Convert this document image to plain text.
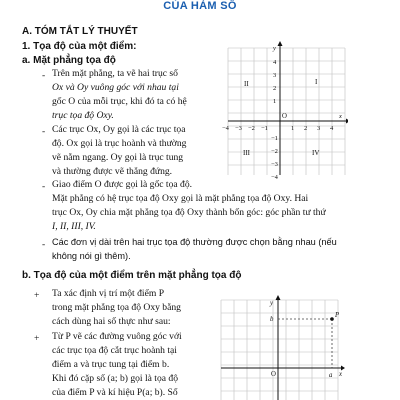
CỦA HÀM SỐ
A. TÓM TẮT LÝ THUYẾT
1. Tọa độ của một điểm:
a. Mặt phẳng tọa độ
- Trên mặt phẳng, ta vẽ hai trục số
Ox và Oy vuông góc với nhau tại
gốc O của mỗi trục, khi đó ta có hệ
trục tọa độ Oxy.
- Các trục Ox, Oy gọi là các trục tọa
độ. Ox gọi là trục hoành và thường
vẽ nằm ngang. Oy gọi là trục tung
và thường được vẽ thẳng đứng.
- Giao điểm O được gọi là gốc tọa độ.
Mặt phẳng có hệ trục tọa độ Oxy gọi là mặt phẳng tọa độ Oxy. Hai
trục Ox, Oy chia mặt phẳng tọa độ Oxy thành bốn góc: góc phần tư thứ
I, II, III, IV.
- Các đơn vị dài trên hai trục tọa độ thường được chọn bằng nhau (nếu
không nói gì thêm).
b. Tọa độ của một điểm trên mặt phẳng tọa độ
+ Ta xác định vị trí một điểm P
trong mặt phẳng tọa độ Oxy bằng
cách dùng hai số thực như sau:
+ Từ P vẽ các đường vuông góc với
các trục tọa độ cắt trục hoành tại
điểm a và trục tung tại điểm b.
Khi đó cặp số (a; b) gọi là tọa độ
của điểm P và kí hiệu P(a; b). Số
−4 −3 −2 −1
O
1 2 3 4
x
y
4
3
2
1
−1
−2
−3
−4
I
II
III	IV
P
b
a
O	x
y
